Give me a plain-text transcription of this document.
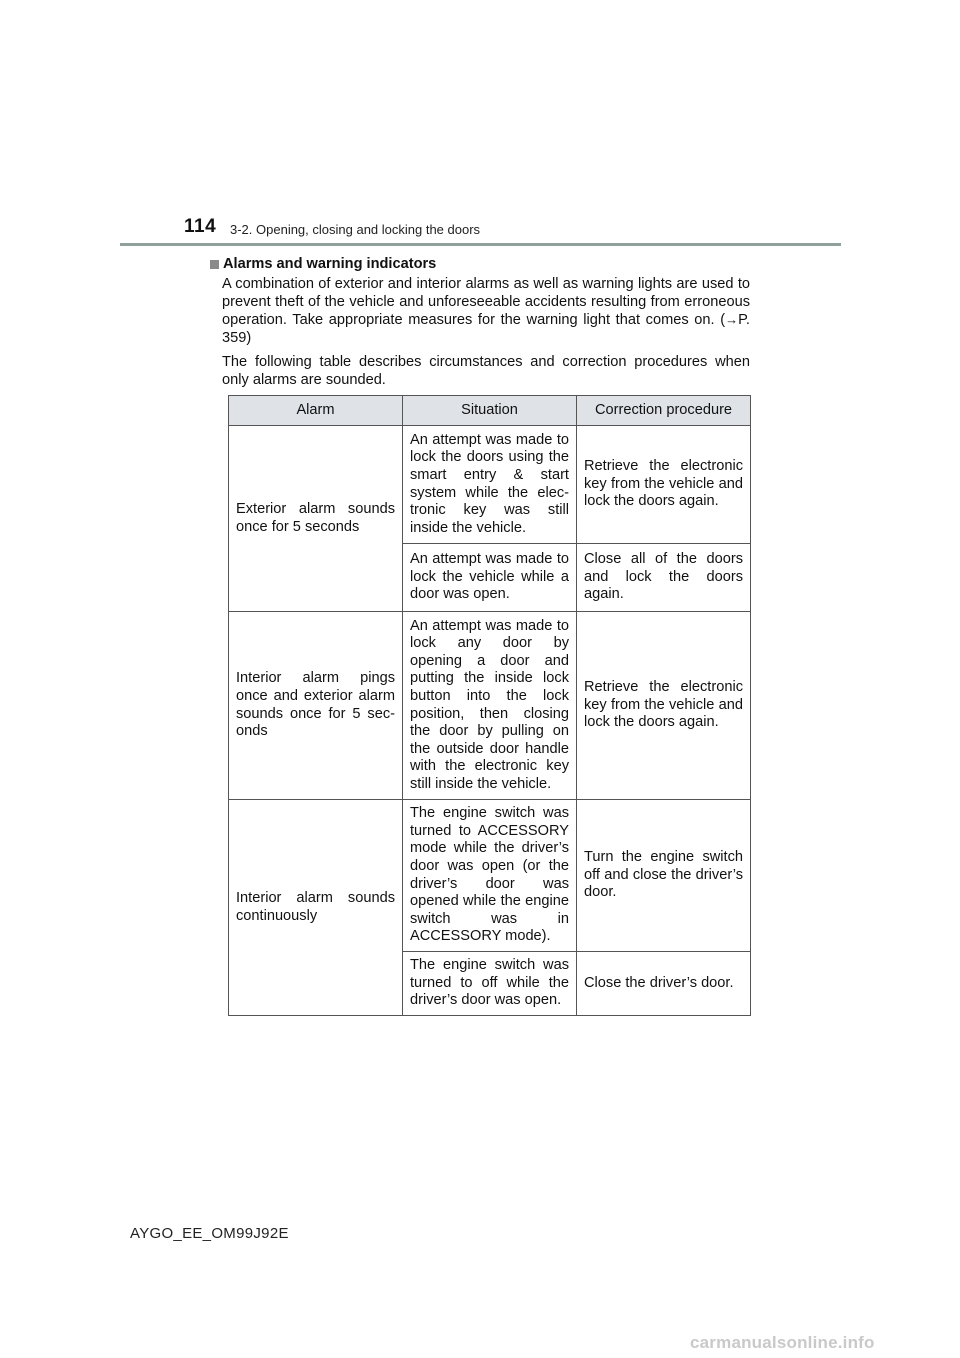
114 3-2. Opening, closing and locking the doors
Alarms and warning indicators

A combination of exterior and interior alarms as well as warning lights are used to prevent theft of the vehicle and unforeseeable accidents resulting from erroneous operation. Take appropriate measures for the warning light that comes on. (→P. 359)

The following table describes circumstances and correction procedures when only alarms are sounded.

Alarm	Situation	Correction procedure
Exterior alarm sounds once for 5 seconds	An attempt was made to lock the doors using the smart entry & start system while the elec-tronic key was still inside the vehicle.	Retrieve the electronic key from the vehicle and lock the doors again.
	An attempt was made to lock the vehicle while a door was open.	Close all of the doors and lock the doors again.
Interior alarm pings once and exterior alarm sounds once for 5 sec-onds	An attempt was made to lock any door by opening a door and putting the inside lock button into the lock position, then closing the door by pulling on the outside door handle with the electronic key still inside the vehicle.	Retrieve the electronic key from the vehicle and lock the doors again.
Interior alarm sounds continuously	The engine switch was turned to ACCESSORY mode while the driver’s door was open (or the driver’s door was opened while the engine switch was in ACCESSORY mode).	Turn the engine switch off and close the driver’s door.
	The engine switch was turned to off while the driver’s door was open.	Close the driver’s door.
AYGO_EE_OM99J92E
carmanualsonline.info
